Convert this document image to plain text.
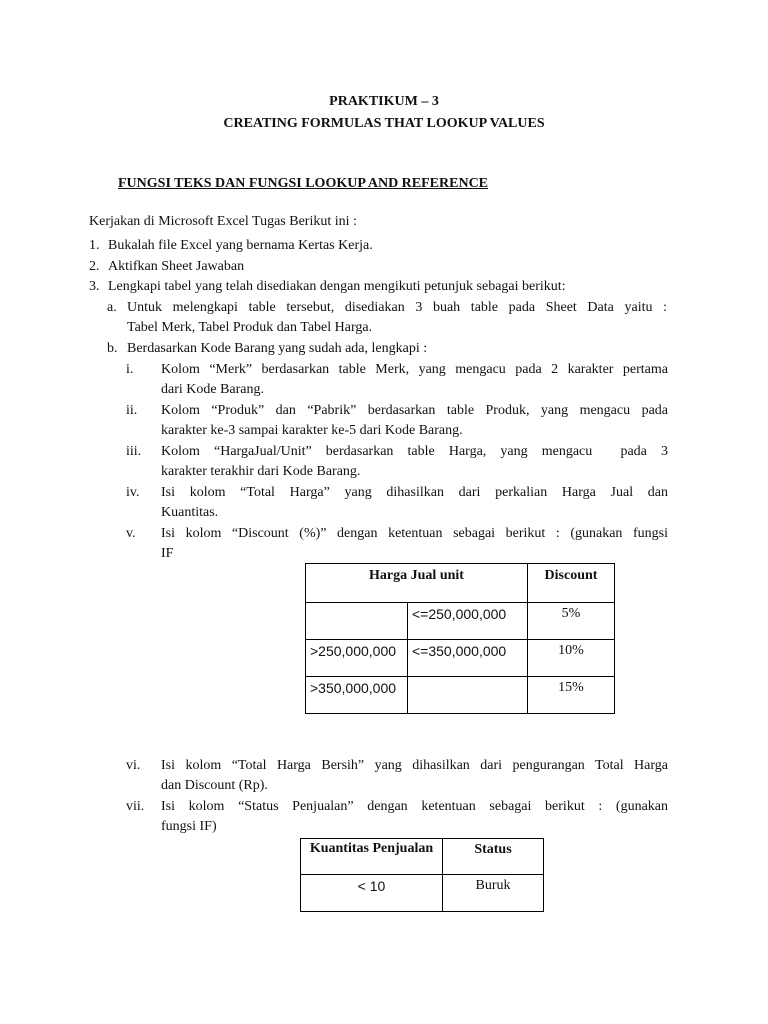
PRAKTIKUM – 3
CREATING FORMULAS THAT LOOKUP VALUES
FUNGSI TEKS DAN FUNGSI LOOKUP AND REFERENCE
Kerjakan di Microsoft Excel Tugas Berikut ini :
1. Bukalah file Excel yang bernama Kertas Kerja.
2. Aktifkan Sheet Jawaban
3. Lengkapi tabel yang telah disediakan dengan mengikuti petunjuk sebagai berikut:
a. Untuk melengkapi table tersebut, disediakan 3 buah table pada Sheet Data yaitu :
Tabel Merk, Tabel Produk dan Tabel Harga.
b. Berdasarkan Kode Barang yang sudah ada, lengkapi :
i.	Kolom “Merk” berdasarkan table Merk, yang mengacu pada 2 karakter pertama
dari Kode Barang.
ii.	Kolom “Produk” dan “Pabrik” berdasarkan table Produk, yang mengacu pada
karakter ke-3 sampai karakter ke-5 dari Kode Barang.
iii.	Kolom “HargaJual/Unit” berdasarkan table Harga, yang mengacu  pada 3
karakter terakhir dari Kode Barang.
iv.	Isi kolom “Total Harga” yang dihasilkan dari perkalian Harga Jual dan
Kuantitas.
v.	Isi kolom “Discount (%)” dengan ketentuan sebagai berikut : (gunakan fungsi
IF
Harga Jual unit		Discount
	<=250,000,000	5%
>250,000,000	<=350,000,000	10%
>350,000,000		15%
vi.	Isi kolom “Total Harga Bersih” yang dihasilkan dari pengurangan Total Harga
dan Discount (Rp).
vii.	Isi kolom “Status Penjualan” dengan ketentuan sebagai berikut : (gunakan
fungsi IF)
Kuantitas Penjualan	Status
< 10	Buruk
